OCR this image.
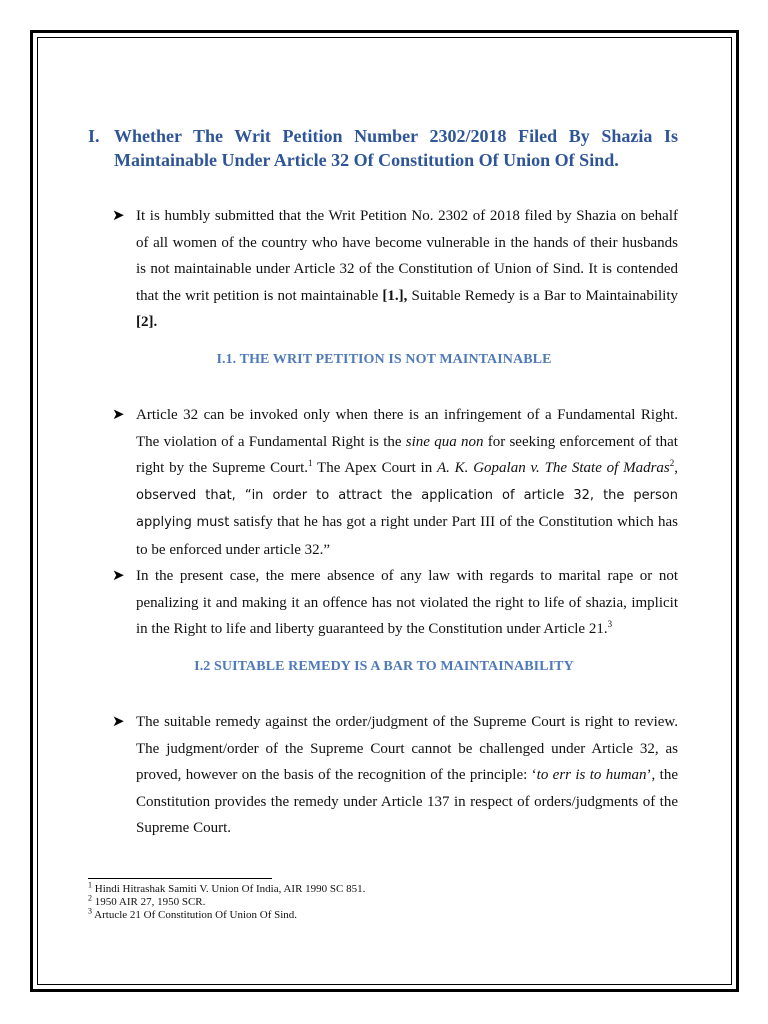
I. Whether The Writ Petition Number 2302/2018 Filed By Shazia Is
Maintainable Under Article 32 Of Constitution Of Union Of Sind.
➤ It is humbly submitted that the Writ Petition No. 2302 of 2018 filed by Shazia on behalf of all women of the country who have become vulnerable in the hands of their husbands is not maintainable under Article 32 of the Constitution of Union of Sind. It is contended that the writ petition is not maintainable [1.], Suitable Remedy is a Bar to Maintainability [2].
I.1. THE WRIT PETITION IS NOT MAINTAINABLE
➤ Article 32 can be invoked only when there is an infringement of a Fundamental Right. The violation of a Fundamental Right is the sine qua non for seeking enforcement of that right by the Supreme Court.$^1$ The Apex Court in A. K. Gopalan v. The State of Madras$^2$, observed that, “in order to attract the application of article 32, the person applying must satisfy that he has got a right under Part III of the Constitution which has to be enforced under article 32.”
➤ In the present case, the mere absence of any law with regards to marital rape or not penalizing it and making it an offence has not violated the right to life of shazia, implicit in the Right to life and liberty guaranteed by the Constitution under Article 21.$^3$
I.2 SUITABLE REMEDY IS A BAR TO MAINTAINABILITY
➤ The suitable remedy against the order/judgment of the Supreme Court is right to review. The judgment/order of the Supreme Court cannot be challenged under Article 32, as proved, however on the basis of the recognition of the principle: ‘to err is to human’, the Constitution provides the remedy under Article 137 in respect of orders/judgments of the Supreme Court.
$^1$ Hindi Hitrashak Samiti V. Union Of India, AIR 1990 SC 851.
$^2$ 1950 AIR 27, 1950 SCR.
$^3$ Artucle 21 Of Constitution Of Union Of Sind.
